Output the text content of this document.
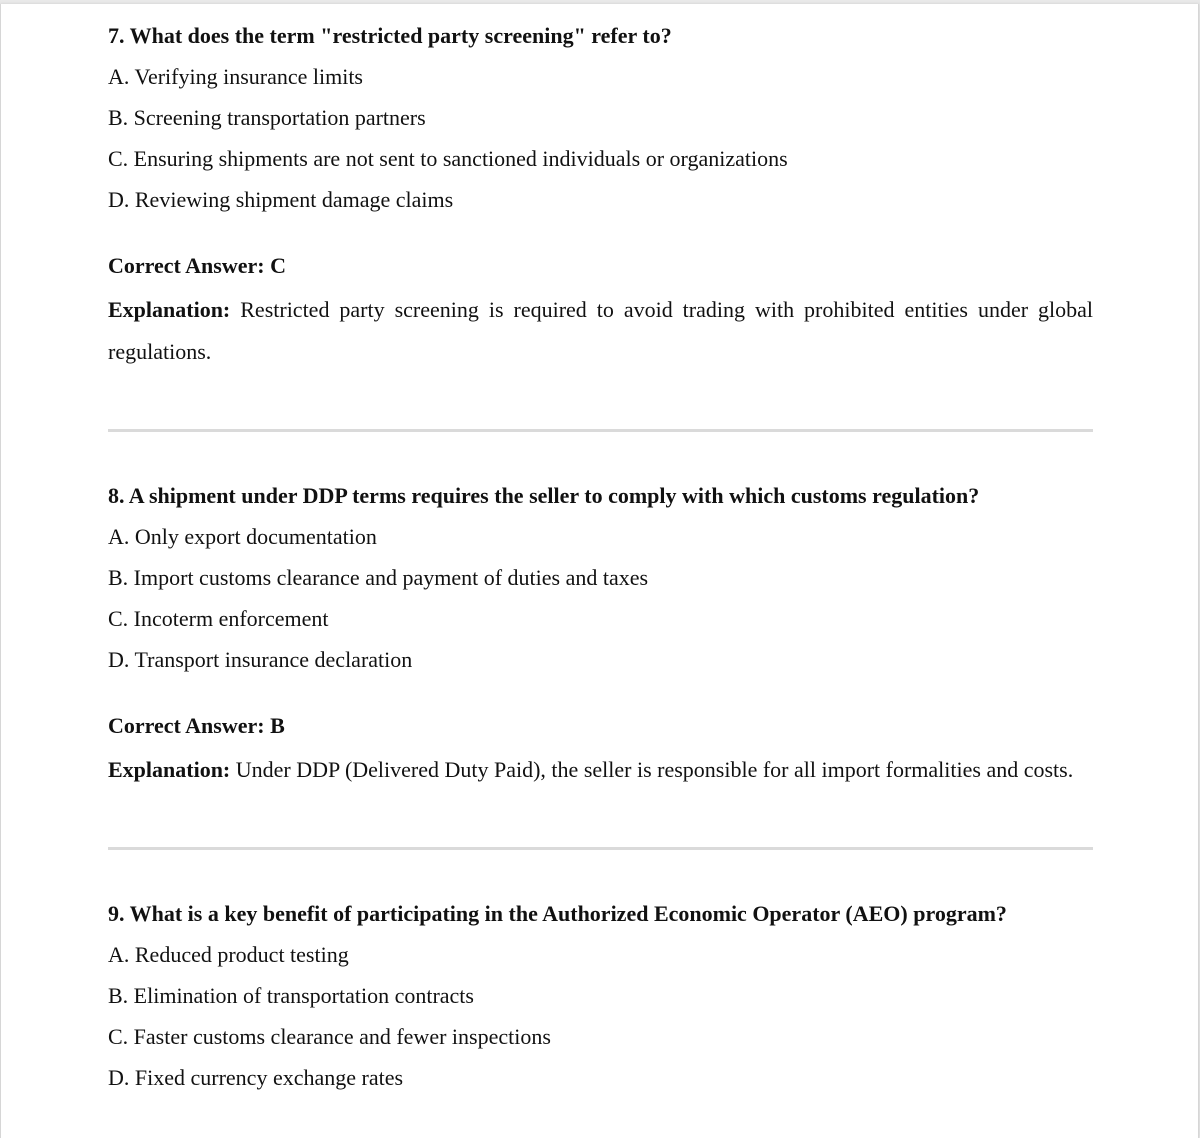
7. What does the term "restricted party screening" refer to?

A. Verifying insurance limits

B. Screening transportation partners

C. Ensuring shipments are not sent to sanctioned individuals or organizations

D. Reviewing shipment damage claims

Correct Answer: C

Explanation: Restricted party screening is required to avoid trading with prohibited entities under global regulations.

8. A shipment under DDP terms requires the seller to comply with which customs regulation?

A. Only export documentation

B. Import customs clearance and payment of duties and taxes

C. Incoterm enforcement

D. Transport insurance declaration

Correct Answer: B

Explanation: Under DDP (Delivered Duty Paid), the seller is responsible for all import formalities and costs.

9. What is a key benefit of participating in the Authorized Economic Operator (AEO) program?

A. Reduced product testing

B. Elimination of transportation contracts

C. Faster customs clearance and fewer inspections

D. Fixed currency exchange rates
